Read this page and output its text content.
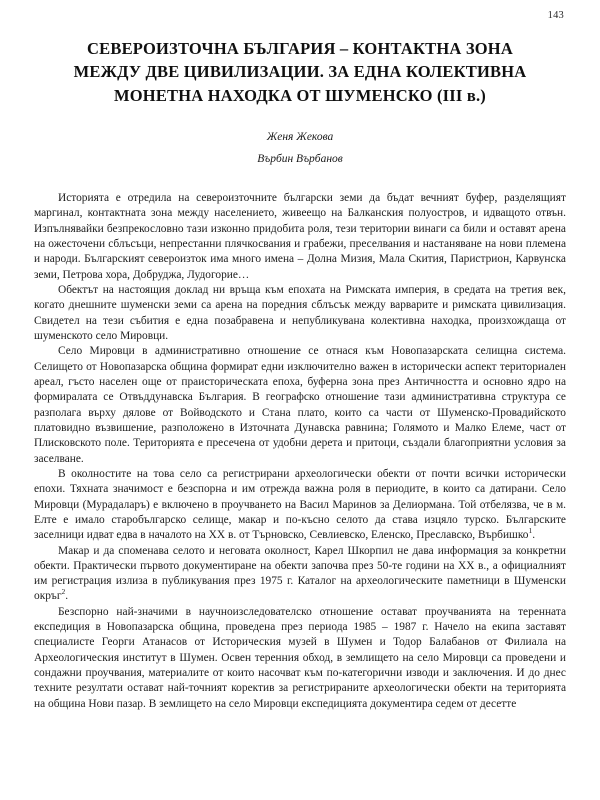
143
СЕВЕРОИЗТОЧНА БЪЛГАРИЯ – КОНТАКТНА ЗОНА
МЕЖДУ ДВЕ ЦИВИЛИЗАЦИИ. ЗА ЕДНА КОЛЕКТИВНА
МОНЕТНА НАХОДКА ОТ ШУМЕНСКО (III в.)
Женя Жекова
Върбин Върбанов

Историята е отредила на североизточните български земи да бъдат вечният буфер, разделящият маргинал, контактната зона между населението, живеещо на Балканския полуостров, и идващото отвън. Изпълнявайки безпрекословно тази изконно придобита роля, тези територии винаги са били и оставят арена на ожесточени сблъсъци, непрестанни плячкосвания и грабежи, преселвания и настаняване на нови племена и народи. Българският североизток има много имена – Долна Мизия, Мала Скития, Паристрион, Карвунска земи, Петрова хора, Добруджа, Лудогорие…

Обектът на настоящия доклад ни връща към епохата на Римската империя, в средата на третия век, когато днешните шуменски земи са арена на поредния сблъсък между варварите и римската цивилизация. Свидетел на тези събития е една позабравена и непубликувана колективна находка, произхождаща от шуменското село Мировци.

Село Мировци в административно отношение се отнася към Новопазарската селищна система. Селището от Новопазарска община формират едни изключително важен в исторически аспект териториален ареал, гъсто населен още от прaисторическата епоха, буферна зона през Античността и основно ядро на формиралата се Отвъддунавска България. В географско отношение тази административна структура се разполага върху дялове от Войводското и Стана плато, които са части от Шуменско-Провадийското платовидно възвишение, разположено в Източната Дунавска равнина; Голямото и Малко Елеме, част от Плисковското поле. Територията е пресечена от удобни дерета и притоци, създали благоприятни условия за заселване.

В околностите на това село са регистрирани археологически обекти от почти всички исторически епохи. Тяхната значимост е безспорна и им отрежда важна роля в периодите, в които са датирани. Село Мировци (Мурадаларъ) е включено в проучването на Васил Маринов за Делиормана. Той отбелязва, че в м. Елте е имало старобългарско селище, макар и по-късно селото да става изцяло турско. Българските заселници идват едва в началото на ХХ в. от Търновско, Севлиевско, Еленско, Преславско, Върбишко$^1$.

Макар и да споменава селото и неговата околност, Карел Шкорпил не дава информация за конкретни обекти. Практически първото документиране на обекти започва през 50-те години на ХХ в., а официалният им регистрация излиза в публикувания през 1975 г. Каталог на археологическите паметници в Шуменски окръг$^2$.

Безспорно най-значими в научноизследователско отношение остават проучванията на теренната експедиция в Новопазарска община, проведена през периода 1985 – 1987 г. Начело на екипа заставят специалисте Георги Атанасов от Историческия музей в Шумен и Тодор Балабанов от Филиала на Археологическия институт в Шумен. Освен теренния обход, в землището на село Мировци са проведени и сондажни проучвания, материалите от които насочват към по-категорични изводи и заключения. И до днес техните резултати остават най-точният коректив за регистрираните археологически обекти на територията на община Нови пазар. В землището на село Мировци експедицията документира седем от десетте
